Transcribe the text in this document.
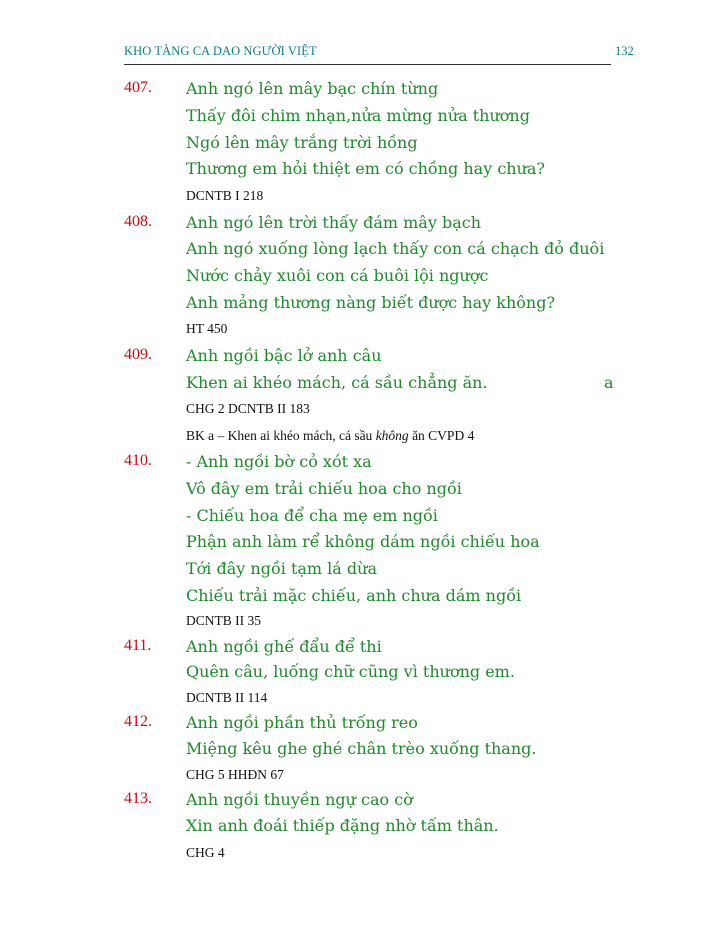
KHO TÀNG CA DAO NGƯỜI VIỆT	132
407. Anh ngó lên mây bạc chín từng
Thấy đôi chim nhạn,nửa mừng nửa thương
Ngó lên mây trắng trời hồng
Thương em hỏi thiệt em có chồng hay chưa?
DCNTB I 218
408. Anh ngó lên trời thấy đám mây bạch
Anh ngó xuống lòng lạch thấy con cá chạch đỏ đuôi
Nước chảy xuôi con cá buôi lội ngược
Anh mảng thương nàng biết được hay không?
HT 450
409. Anh ngồi bậc lở anh câu
Khen ai khéo mách, cá sầu chẳng ăn.	a
CHG 2 DCNTB II 183
BK a – Khen ai khéo mách, cá sầu không ăn CVPD 4
410. - Anh ngồi bờ cỏ xót xa
Vô đây em trải chiếu hoa cho ngồi
- Chiếu hoa để cha mẹ em ngồi
Phận anh làm rể không dám ngồi chiếu hoa
Tới đây ngồi tạm lá dừa
Chiếu trải mặc chiếu, anh chưa dám ngồi
DCNTB II 35
411. Anh ngồi ghế đẩu để thi
Quên câu, luống chữ cũng vì thương em.
DCNTB II 114
412. Anh ngồi phần thủ trống reo
Miệng kêu ghe ghé chân trèo xuống thang.
CHG 5 HHĐN 67
413. Anh ngồi thuyền ngự cao cờ
Xin anh đoái thiếp đặng nhờ tấm thân.
CHG 4
